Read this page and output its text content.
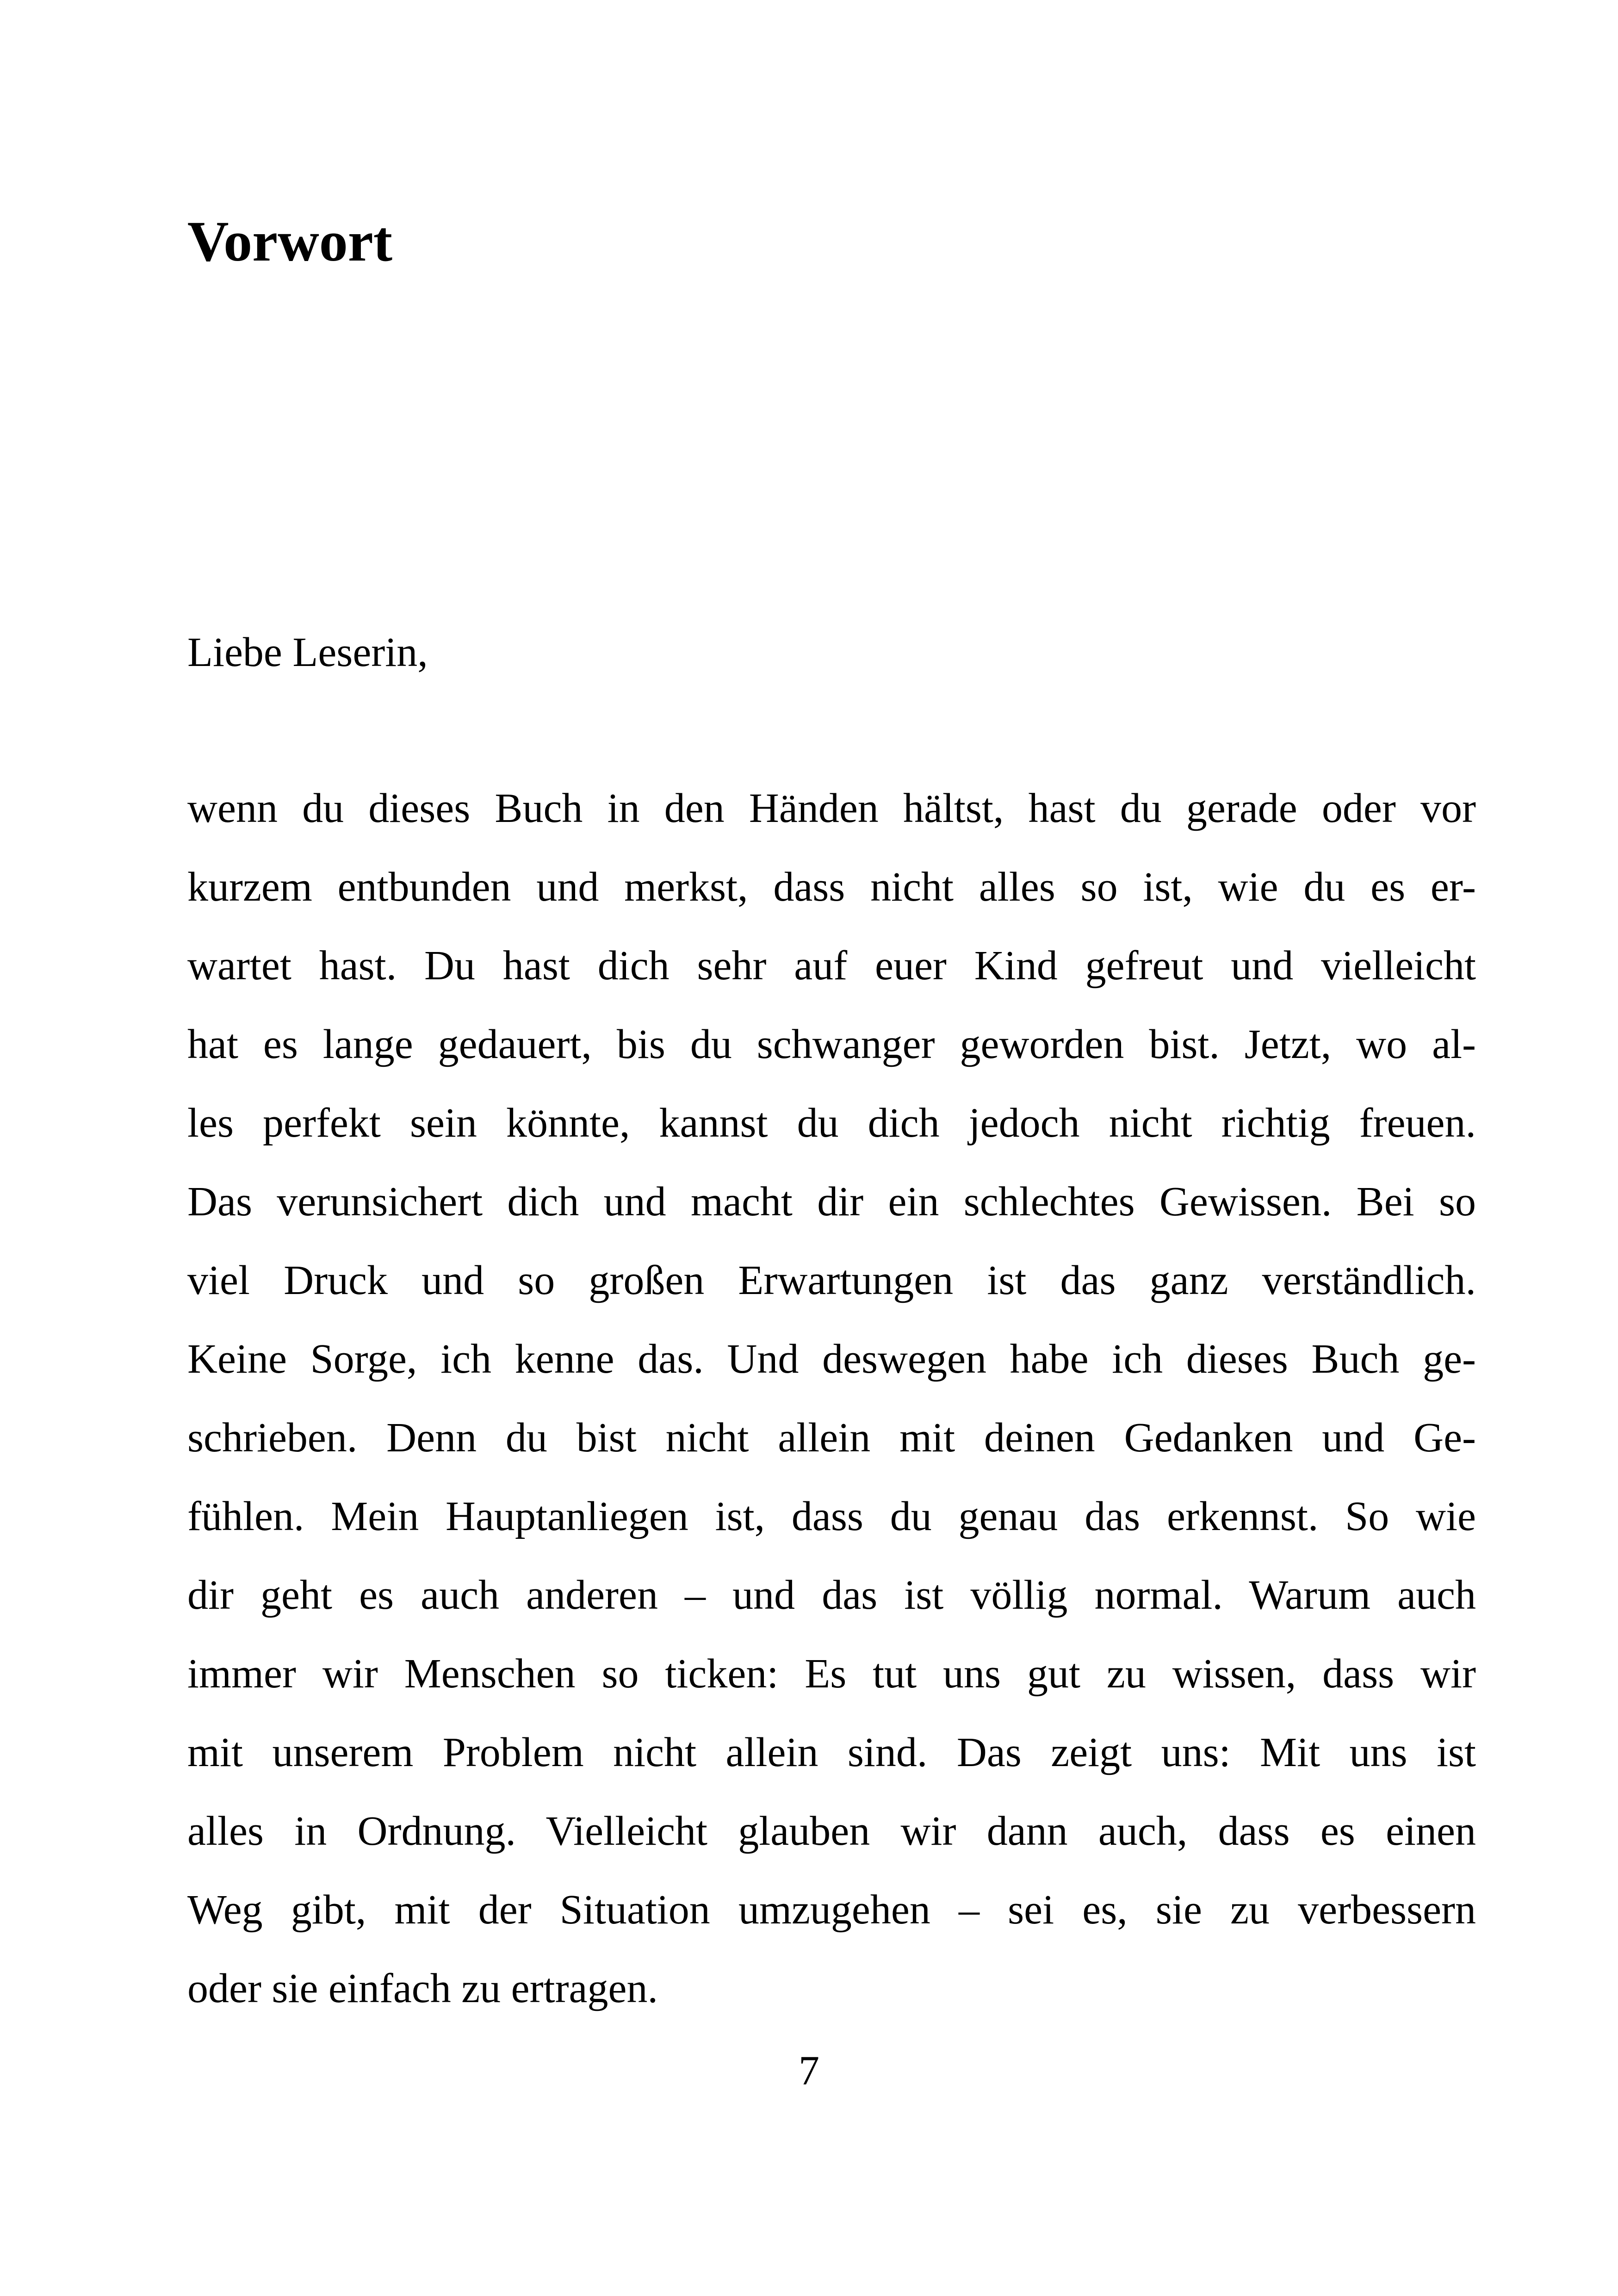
Vorwort
Liebe Leserin,
wenn du dieses Buch in den Händen hältst, hast du gerade oder vor
kurzem entbunden und merkst, dass nicht alles so ist, wie du es er-
wartet hast. Du hast dich sehr auf euer Kind gefreut und vielleicht
hat es lange gedauert, bis du schwanger geworden bist. Jetzt, wo al-
les perfekt sein könnte, kannst du dich jedoch nicht richtig freuen.
Das verunsichert dich und macht dir ein schlechtes Gewissen. Bei so
viel Druck und so großen Erwartungen ist das ganz verständlich.
Keine Sorge, ich kenne das. Und deswegen habe ich dieses Buch ge-
schrieben. Denn du bist nicht allein mit deinen Gedanken und Ge-
fühlen. Mein Hauptanliegen ist, dass du genau das erkennst. So wie
dir geht es auch anderen – und das ist völlig normal. Warum auch
immer wir Menschen so ticken: Es tut uns gut zu wissen, dass wir
mit unserem Problem nicht allein sind. Das zeigt uns: Mit uns ist
alles in Ordnung. Vielleicht glauben wir dann auch, dass es einen
Weg gibt, mit der Situation umzugehen – sei es, sie zu verbessern
oder sie einfach zu ertragen.
7
